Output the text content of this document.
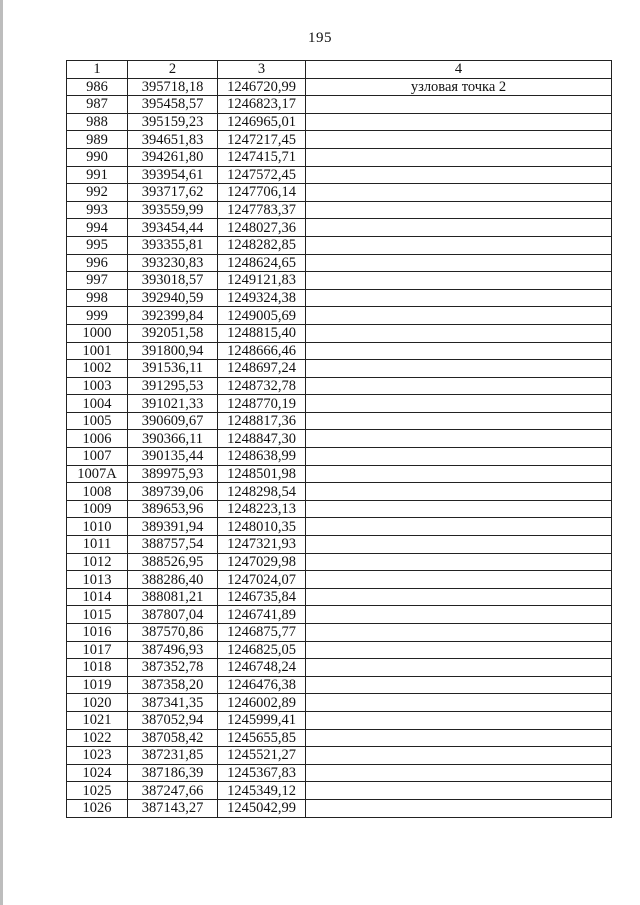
195
1	2	3	4
986	395718,18	1246720,99	узловая точка 2
987	395458,57	1246823,17	
988	395159,23	1246965,01	
989	394651,83	1247217,45	
990	394261,80	1247415,71	
991	393954,61	1247572,45	
992	393717,62	1247706,14	
993	393559,99	1247783,37	
994	393454,44	1248027,36	
995	393355,81	1248282,85	
996	393230,83	1248624,65	
997	393018,57	1249121,83	
998	392940,59	1249324,38	
999	392399,84	1249005,69	
1000	392051,58	1248815,40	
1001	391800,94	1248666,46	
1002	391536,11	1248697,24	
1003	391295,53	1248732,78	
1004	391021,33	1248770,19	
1005	390609,67	1248817,36	
1006	390366,11	1248847,30	
1007	390135,44	1248638,99	
1007А	389975,93	1248501,98	
1008	389739,06	1248298,54	
1009	389653,96	1248223,13	
1010	389391,94	1248010,35	
1011	388757,54	1247321,93	
1012	388526,95	1247029,98	
1013	388286,40	1247024,07	
1014	388081,21	1246735,84	
1015	387807,04	1246741,89	
1016	387570,86	1246875,77	
1017	387496,93	1246825,05	
1018	387352,78	1246748,24	
1019	387358,20	1246476,38	
1020	387341,35	1246002,89	
1021	387052,94	1245999,41	
1022	387058,42	1245655,85	
1023	387231,85	1245521,27	
1024	387186,39	1245367,83	
1025	387247,66	1245349,12	
1026	387143,27	1245042,99	
